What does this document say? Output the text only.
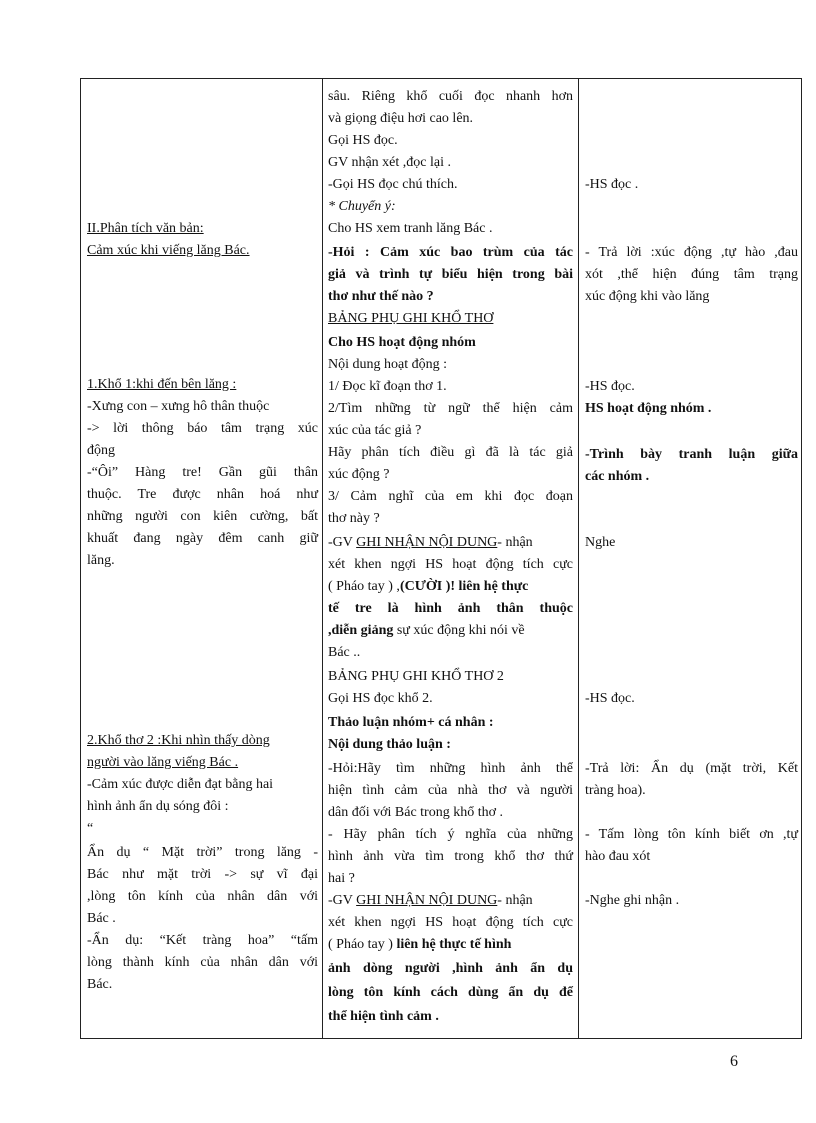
II.Phân tích văn bản:
Cảm xúc khi viếng lăng Bác.
1.Khổ 1:khi đến bên lăng :
-Xưng con – xưng hô thân thuộc
-> lời thông báo tâm trạng xúc
động
-“Ôi” Hàng tre! Gần gũi thân
thuộc. Tre được nhân hoá như
những người con kiên cường, bất
khuất đang ngày đêm canh giữ
lăng.
2.Khổ thơ 2 :Khi nhìn thấy dòng
người vào lăng viếng Bác .
-Cảm xúc được diễn đạt bằng hai
hình ảnh ẩn dụ sóng đôi :
“
Ẩn dụ “ Mặt trời” trong lăng -
Bác như mặt trời -> sự vĩ đại
,lòng tôn kính của nhân dân với
Bác .
-Ẩn dụ: “Kết tràng hoa” “tấm
lòng thành kính của nhân dân với
Bác.
sâu. Riêng khổ cuối đọc nhanh hơn
và giọng điệu hơi cao lên.
Gọi HS đọc.
GV nhận xét ,đọc lại .
-Gọi HS đọc chú thích.
* Chuyển ý:
Cho HS xem tranh lăng Bác .
-Hỏi : Cảm xúc bao trùm của tác
giả và trình tự biểu hiện trong bài
thơ như thế nào ?
BẢNG PHỤ GHI KHỔ THƠ
Cho HS hoạt động nhóm
Nội dung hoạt động :
1/ Đọc kĩ đoạn thơ 1.
2/Tìm những từ ngữ thể hiện cảm
xúc của tác giả ?
Hãy phân tích điều gì đã là tác giả
xúc động ?
3/ Cảm nghĩ của em khi đọc đoạn
thơ này ?
-GV GHI NHẬN NỘI DUNG- nhận
xét khen ngợi HS hoạt động tích cực
( Pháo tay ) ,(CƯỜI )! liên hệ thực
tế tre là hình ảnh thân thuộc
,diễn giảng sự xúc động khi nói về
Bác ..
BẢNG PHỤ GHI KHỔ THƠ 2
Gọi HS đọc khổ 2.
Thảo luận nhóm+ cá nhân :
Nội dung thảo luận :
-Hỏi:Hãy tìm những hình ảnh thể
hiện tình cảm của nhà thơ và người
dân đối với Bác trong khổ thơ .
- Hãy phân tích ý nghĩa của những
hình ảnh vừa tìm trong khổ thơ thứ
hai ?
-GV GHI NHẬN NỘI DUNG- nhận
xét khen ngợi HS hoạt động tích cực
( Pháo tay ) liên hệ thực tế hình
ảnh dòng người ,hình ảnh ẩn dụ
lòng tôn kính cách dùng ẩn dụ để
thể hiện tình cảm .
-HS đọc .
- Trả lời :xúc động ,tự hào ,đau
xót ,thể hiện đúng tâm trạng
xúc động khi vào lăng
-HS đọc.
HS hoạt động nhóm .
-Trình bày tranh luận giữa
các nhóm .
Nghe
-HS đọc.
-Trả lời: Ẩn dụ (mặt trời, Kết
tràng hoa).
- Tấm lòng tôn kính biết ơn ,tự
hào đau xót
-Nghe ghi nhận .
6
